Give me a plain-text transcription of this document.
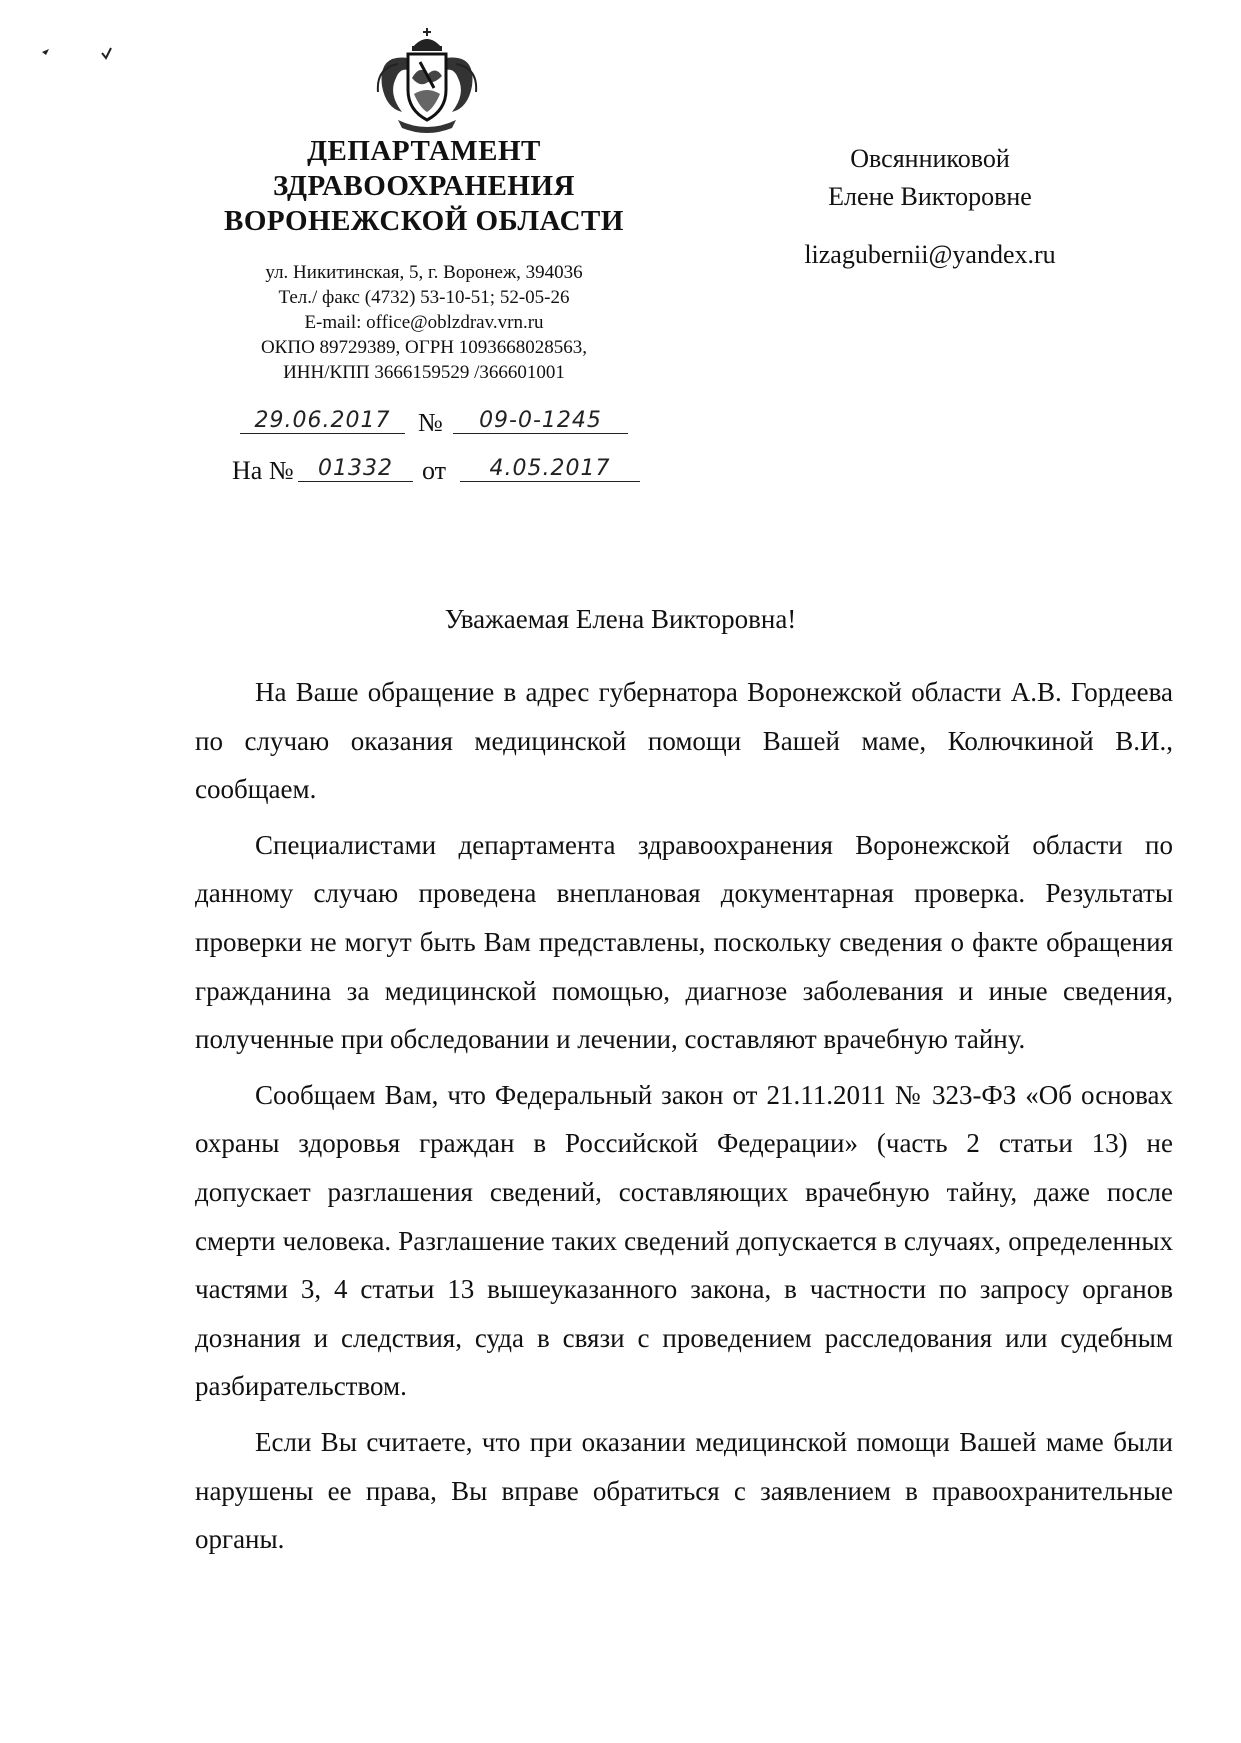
ДЕПАРТАМЕНТ
ЗДРАВООХРАНЕНИЯ
ВОРОНЕЖСКОЙ ОБЛАСТИ
ул. Никитинская, 5, г. Воронеж, 394036
Тел./ факс (4732) 53-10-51; 52-05-26
E-mail: office@oblzdrav.vrn.ru
ОКПО 89729389, ОГРН 1093668028563,
ИНН/КПП 3666159529 /366601001
29.06.2017	№	09-0-1245
На №	01332	от	4.05.2017
Овсянниковой
Елене Викторовне
lizagubernii@yandex.ru
Уважаемая Елена Викторовна!

На Ваше обращение в адрес губернатора Воронежской области А.В. Гордеева по случаю оказания медицинской помощи Вашей маме, Колючкиной В.И., сообщаем.

Специалистами департамента здравоохранения Воронежской области по данному случаю проведена внеплановая документарная проверка. Результаты проверки не могут быть Вам представлены, поскольку сведения о факте обращения гражданина за медицинской помощью, диагнозе заболевания и иные сведения, полученные при обследовании и лечении, составляют врачебную тайну.

Сообщаем Вам, что Федеральный закон от 21.11.2011 № 323-ФЗ «Об основах охраны здоровья граждан в Российской Федерации» (часть 2 статьи 13) не допускает разглашения сведений, составляющих врачебную тайну, даже после смерти человека. Разглашение таких сведений допускается в случаях, определенных частями 3, 4 статьи 13 вышеуказанного закона, в частности по запросу органов дознания и следствия, суда в связи с проведением расследования или судебным разбирательством.

Если Вы считаете, что при оказании медицинской помощи Вашей маме были нарушены ее права, Вы вправе обратиться с заявлением в правоохранительные органы.
